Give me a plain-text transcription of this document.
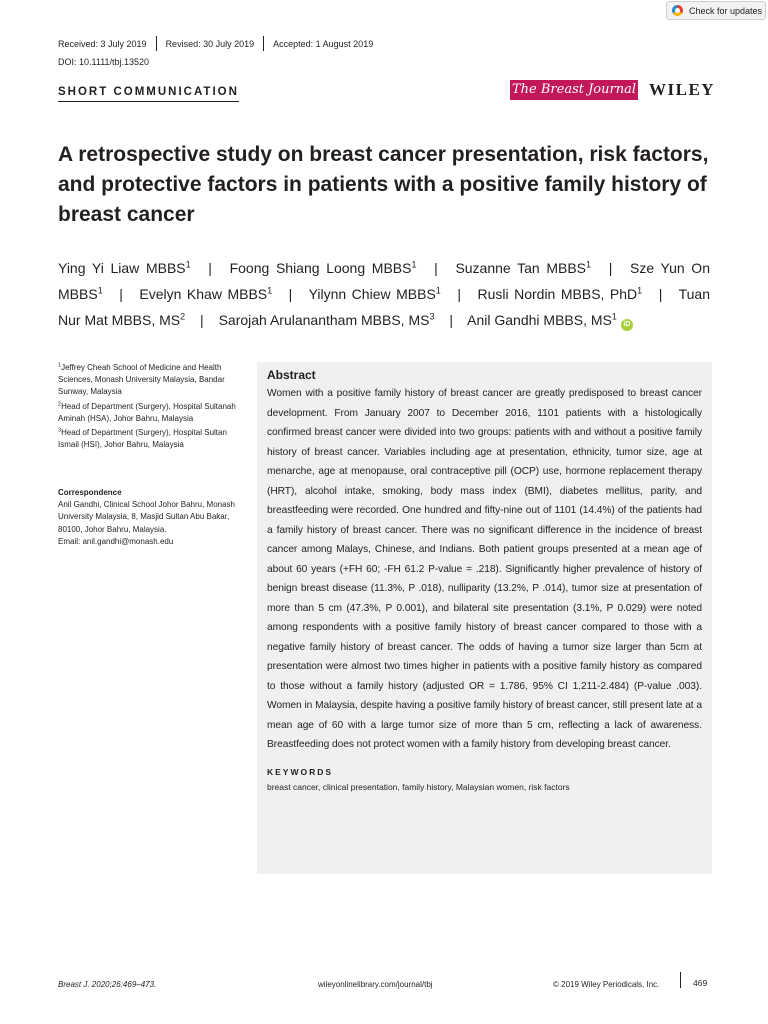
Check for updates
Received: 3 July 2019 Revised: 30 July 2019 Accepted: 1 August 2019
DOI: 10.1111/tbj.13520
SHORT COMMUNICATION	The Breast Journal WILEY
A retrospective study on breast cancer presentation, risk factors, and protective factors in patients with a positive family history of breast cancer
Ying Yi Liaw MBBS$^1$ | Foong Shiang Loong MBBS$^1$ | Suzanne Tan MBBS$^1$ | Sze Yun On MBBS$^1$ | Evelyn Khaw MBBS$^1$ | Yilynn Chiew MBBS$^1$ | Rusli Nordin MBBS, PhD$^1$ | Tuan Nur Mat MBBS, $MS^2$ | Sarojah Arulanantham MBBS, $MS^3$ | Anil Gandhi MBBS, $MS^1iD$

$^1$Jeffrey Cheah School of Medicine and Health Sciences, Monash University Malaysia, Bandar Sunway, Malaysia

$^2$Head of Department (Surgery), Hospital Sultanah Aminah (HSA), Johor Bahru, Malaysia

$^3$Head of Department (Surgery), Hospital Sultan Ismail (HSI), Johor Bahru, Malaysia

Correspondence
Anil Gandhi, Clinical School Johor Bahru, Monash University Malaysia, 8, Masjid Sultan Abu Bakar, 80100, Johor Bahru, Malaysia.
Email: anil.gandhi@monash.edu
Abstract

Women with a positive family history of breast cancer are greatly predisposed to breast cancer development. From January 2007 to December 2016, 1101 patients with a histologically confirmed breast cancer were divided into two groups: patients with and without a positive family history of breast cancer. Variables including age at presentation, ethnicity, tumor size, age at menarche, age at menopause, oral contraceptive pill (OCP) use, hormone replacement therapy (HRT), alcohol intake, smoking, body mass index (BMI), diabetes mellitus, parity, and breastfeeding were recorded. One hundred and fifty-nine out of 1101 (14.4%) of the patients had a family history of breast cancer. There was no significant difference in the incidence of breast cancer among Malays, Chinese, and Indians. Both patient groups presented at a mean age of about 60 years (+FH 60; -FH 61.2 P-value = .218). Significantly higher prevalence of history of benign breast disease (11.3%, P .018), nulliparity (13.2%, P .014), tumor size at presentation of more than 5 cm (47.3%, P 0.001), and bilateral site presentation (3.1%, P 0.029) were noted among respondents with a positive family history of breast cancer compared to those with a negative family history of breast cancer. The odds of having a tumor size larger than 5cm at presentation were almost two times higher in patients with a positive family history as compared to those without a family history (adjusted OR = 1.786, 95% CI 1.211-2.484) (P-value .003). Women in Malaysia, despite having a positive family history of breast cancer, still present late at a mean age of 60 with a large tumor size of more than 5 cm, reflecting a lack of awareness. Breastfeeding does not protect women with a family history from developing breast cancer.

KEYWORDS
breast cancer, clinical presentation, family history, Malaysian women, risk factors
Breast J. 2020;26:469–473.	wileyonlinelibrary.com/journal/tbj	© 2019 Wiley Periodicals, Inc.	469
